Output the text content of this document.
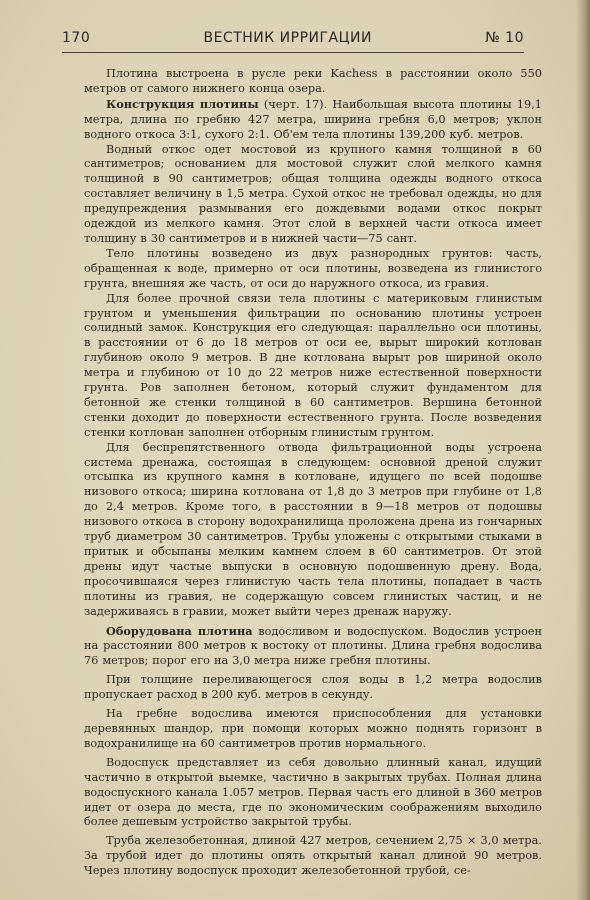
170	ВЕСТНИК ИРРИГАЦИИ	№ 10

Плотина выстроена в русле реки Kachess в расстоянии около 550 метров от самого нижнего конца озера.

Конструкция плотины (черт. 17). Наибольшая высота плотины 19,1 метра, длина по гребню 427 метра, ширина гребня 6,0 метров; уклон водного откоса 3:1, сухого 2:1. Об'ем тела плотины 139,200 куб. метров.

Водный откос одет мостовой из крупного камня толщиной в 60 сантиметров; основанием для мостовой служит слой мелкого камня толщиной в 90 сантиметров; общая толщина одежды водного откоса составляет величину в 1,5 метра. Сухой откос не требовал одежды, но для предупреждения размывания его дождевыми водами откос покрыт одеждой из мелкого камня. Этот слой в верхней части откоса имеет толщину в 30 сантиметров и в нижней части—75 сант.

Тело плотины возведено из двух разнородных грунтов: часть, обращенная к воде, примерно от оси плотины, возведена из глинистого грунта, внешняя же часть, от оси до наружного откоса, из гравия.

Для более прочной связи тела плотины с материковым глинистым грунтом и уменьшения фильтрации по основанию плотины устроен солидный замок. Конструкция его следующая: параллельно оси плотины, в расстоянии от 6 до 18 метров от оси ее, вырыт широкий котлован глубиною около 9 метров. В дне котлована вырыт ров шириной около метра и глубиною от 10 до 22 метров ниже естественной поверхности грунта. Ров заполнен бетоном, который служит фундаментом для бетонной же стенки толщиной в 60 сантиметров. Вершина бетонной стенки доходит до поверхности естественного грунта. После возведения стенки котлован заполнен отборным глинистым грунтом.

Для беспрепятственного отвода фильтрационной воды устроена система дренажа, состоящая в следующем: основной дреной служит отсыпка из крупного камня в котловане, идущего по всей подошве низового откоса; ширина котлована от 1,8 до 3 метров при глубине от 1,8 до 2,4 метров. Кроме того, в расстоянии в 9—18 метров от подошвы низового откоса в сторону водохранилища проложена дрена из гончарных труб диаметром 30 сантиметров. Трубы уложены с открытыми стыками в притык и обсыпаны мелким камнем слоем в 60 сантиметров. От этой дрены идут частые выпуски в основную подошвенную дрену. Вода, просочившаяся через глинистую часть тела плотины, попадает в часть плотины из гравия, не содержащую совсем глинистых частиц, и не задерживаясь в гравии, может выйти через дренаж наружу.

Оборудована плотина водосливом и водоспуском. Водослив устроен на расстоянии 800 метров к востоку от плотины. Длина гребня водослива 76 метров; порог его на 3,0 метра ниже гребня плотины.

При толщине переливающегося слоя воды в 1,2 метра водослив пропускает расход в 200 куб. метров в секунду.

На гребне водослива имеются приспособления для установки деревянных шандор, при помощи которых можно поднять горизонт в водохранилище на 60 сантиметров против нормального.

Водоспуск представляет из себя довольно длинный канал, идущий частично в открытой выемке, частично в закрытых трубах. Полная длина водоспускного канала 1.057 метров. Первая часть его длиной в 360 метров идет от озера до места, где по экономическим соображениям выходило более дешевым устройство закрытой трубы.

Труба железобетонная, длиной 427 метров, сечением 2,75 × 3,0 метра. За трубой идет до плотины опять открытый канал длиной 90 метров. Через плотину водоспуск проходит железобетонной трубой, се-
